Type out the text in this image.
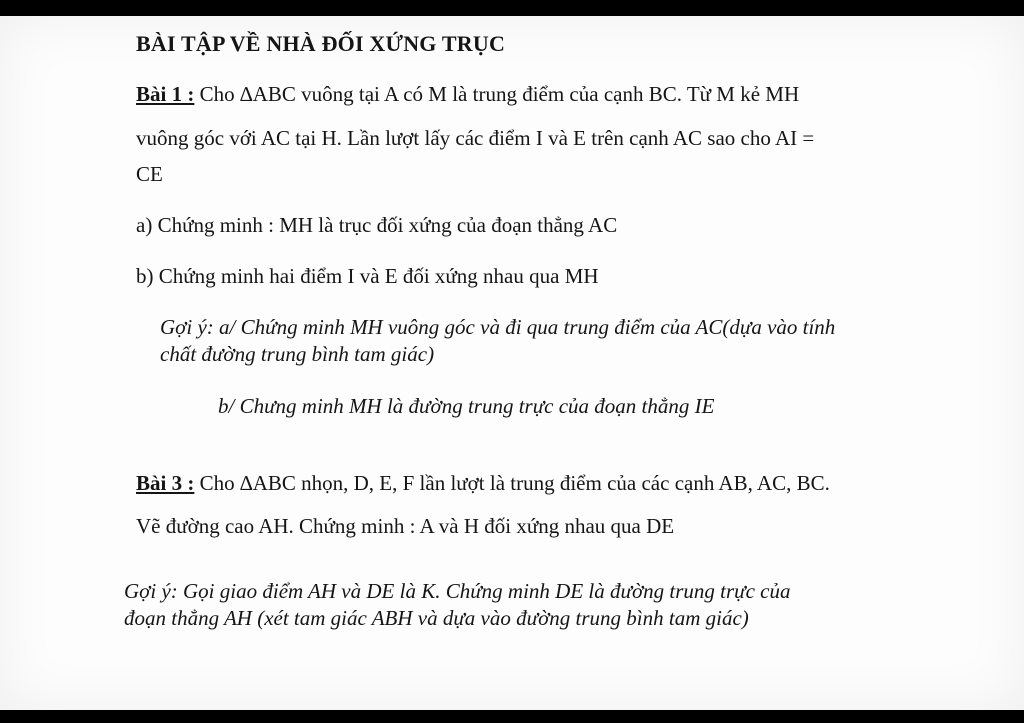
BÀI TẬP VỀ NHÀ ĐỐI XỨNG TRỤC
Bài 1 : Cho ∆ABC vuông tại A có M là trung điểm của cạnh BC. Từ M kẻ MH
vuông góc với AC tại H. Lần lượt lấy các điểm I và E trên cạnh AC sao cho AI =
CE
a) Chứng minh : MH là trục đối xứng của đoạn thẳng AC
b) Chứng minh hai điểm I và E đối xứng nhau qua MH
Gợi ý: a/ Chứng minh MH vuông góc và đi qua trung điểm của AC(dựa vào tính
chất đường trung bình tam giác)
b/ Chưng minh MH là đường trung trực của đoạn thẳng IE
Bài 3 : Cho ∆ABC nhọn, D, E, F lần lượt là trung điểm của các cạnh AB, AC, BC.
Vẽ đường cao AH. Chứng minh : A và H đối xứng nhau qua DE
Gợi ý: Gọi giao điểm AH và DE là K. Chứng minh DE là đường trung trực của
đoạn thẳng AH (xét tam giác ABH và dựa vào đường trung bình tam giác)
